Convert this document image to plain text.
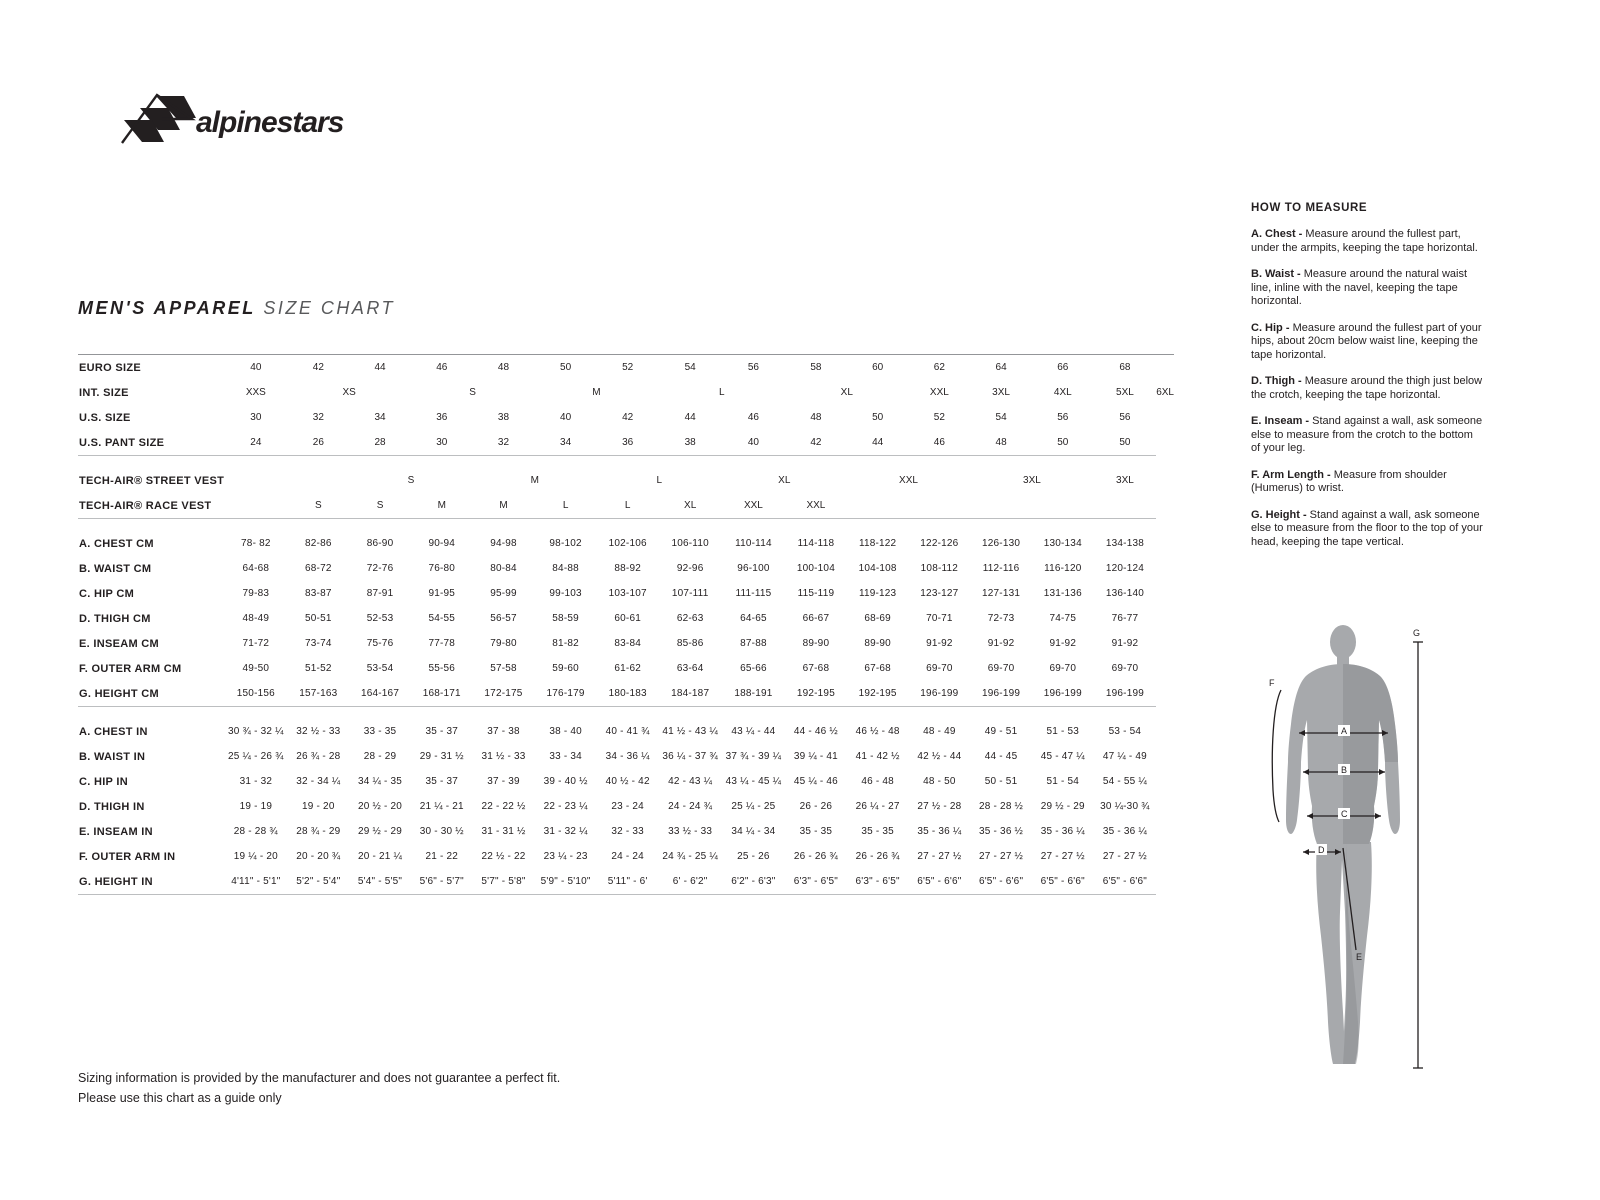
alpinestars
MEN'S APPAREL SIZE CHART
EURO SIZE	40	42	44	46	48	50	52	54	56	58	60	62	64	66	68		
INT. SIZE	XXS	XS		S		M		L		XL		XXL	3XL	4XL	5XL	6XL	
U.S. SIZE	30	32	34	36	38	40	42	44	46	48	50	52	54	56	56		
U.S. PANT SIZE	24	26	28	30	32	34	36	38	40	42	44	46	48	50	50		

TECH-AIR® STREET VEST			S		M		L		XL		XXL		3XL		3XL		
TECH-AIR® RACE VEST		S	S	M	M	L	L	XL	XXL	XXL							

A. CHEST CM	78- 82	82-86	86-90	90-94	94-98	98-102	102-106	106-110	110-114	114-118	118-122	122-126	126-130	130-134	134-138		
B. WAIST CM	64-68	68-72	72-76	76-80	80-84	84-88	88-92	92-96	96-100	100-104	104-108	108-112	112-116	116-120	120-124		
C. HIP CM	79-83	83-87	87-91	91-95	95-99	99-103	103-107	107-111	111-115	115-119	119-123	123-127	127-131	131-136	136-140		
D. THIGH CM	48-49	50-51	52-53	54-55	56-57	58-59	60-61	62-63	64-65	66-67	68-69	70-71	72-73	74-75	76-77		
E. INSEAM CM	71-72	73-74	75-76	77-78	79-80	81-82	83-84	85-86	87-88	89-90	89-90	91-92	91-92	91-92	91-92		
F. OUTER ARM CM	49-50	51-52	53-54	55-56	57-58	59-60	61-62	63-64	65-66	67-68	67-68	69-70	69-70	69-70	69-70		
G. HEIGHT CM	150-156	157-163	164-167	168-171	172-175	176-179	180-183	184-187	188-191	192-195	192-195	196-199	196-199	196-199	196-199		

A. CHEST IN	30 ¾ - 32 ¼	32 ½ - 33	33 - 35	35 - 37	37 - 38	38 - 40	40 - 41 ¾	41 ½ - 43 ¼	43 ¼ - 44	44 - 46 ½	46 ½ - 48	48 - 49	49 - 51	51 - 53	53 - 54		
B. WAIST IN	25 ¼ - 26 ¾	26 ¾ - 28	28 - 29	29 - 31 ½	31 ½ - 33	33 - 34	34 - 36 ¼	36 ¼ - 37 ¾	37 ¾ - 39 ¼	39 ¼ - 41	41 - 42 ½	42 ½ - 44	44 - 45	45 - 47 ¼	47 ¼ - 49		
C. HIP IN	31 - 32	32 - 34 ¼	34 ¼ - 35	35 - 37	37 - 39	39 - 40 ½	40 ½ - 42	42 - 43 ¼	43 ¼ - 45 ¼	45 ¼ - 46	46 - 48	48 - 50	50 - 51	51 - 54	54 - 55 ¼		
D. THIGH IN	19 - 19	19 - 20	20 ½ - 20	21 ¼ - 21	22 - 22 ½	22 - 23 ¼	23 - 24	24 - 24 ¾	25 ¼ - 25	26 - 26	26 ¼ - 27	27 ½ - 28	28 - 28 ½	29 ½ - 29	30 ¼-30 ¾		
E. INSEAM IN	28 - 28 ¾	28 ¾ - 29	29 ½ - 29	30 - 30 ½	31 - 31 ½	31 - 32 ¼	32 - 33	33 ½ - 33	34 ¼ - 34	35 - 35	35 - 35	35 - 36 ¼	35 - 36 ½	35 - 36 ¼	35 - 36 ¼		
F. OUTER ARM IN	19 ¼ - 20	20 - 20 ¾	20 - 21 ¼	21 - 22	22 ½ - 22	23 ¼ - 23	24 - 24	24 ¾ - 25 ¼	25 - 26	26 - 26 ¾	26 - 26 ¾	27 - 27 ½	27 - 27 ½	27 - 27 ½	27 - 27 ½		
G. HEIGHT IN	4'11" - 5'1"	5'2" - 5'4"	5'4" - 5'5"	5'6" - 5'7"	5'7" - 5'8"	5'9" - 5'10"	5'11" - 6'	6' - 6'2"	6'2" - 6'3"	6'3" - 6'5"	6'3" - 6'5"	6'5" - 6'6"	6'5" - 6'6"	6'5" - 6'6"	6'5" - 6'6"		
HOW TO MEASURE

A. Chest - Measure around the fullest part, under the armpits, keeping the tape horizontal.

B. Waist - Measure around the natural waist line, inline with the navel, keeping the tape horizontal.

C. Hip - Measure around the fullest part of your hips, about 20cm below waist line, keeping the tape horizontal.

D. Thigh - Measure around the thigh just below the crotch, keeping the tape horizontal.

E. Inseam - Stand against a wall, ask someone else to measure from the crotch to the bottom of your leg.

F. Arm Length - Measure from shoulder (Humerus) to wrist.

G. Height - Stand against a wall, ask someone else to measure from the floor to the top of your head, keeping the tape vertical.

A
B
C
D
E
F
G
Sizing information is provided by the manufacturer and does not guarantee a perfect fit.
Please use this chart as a guide only
